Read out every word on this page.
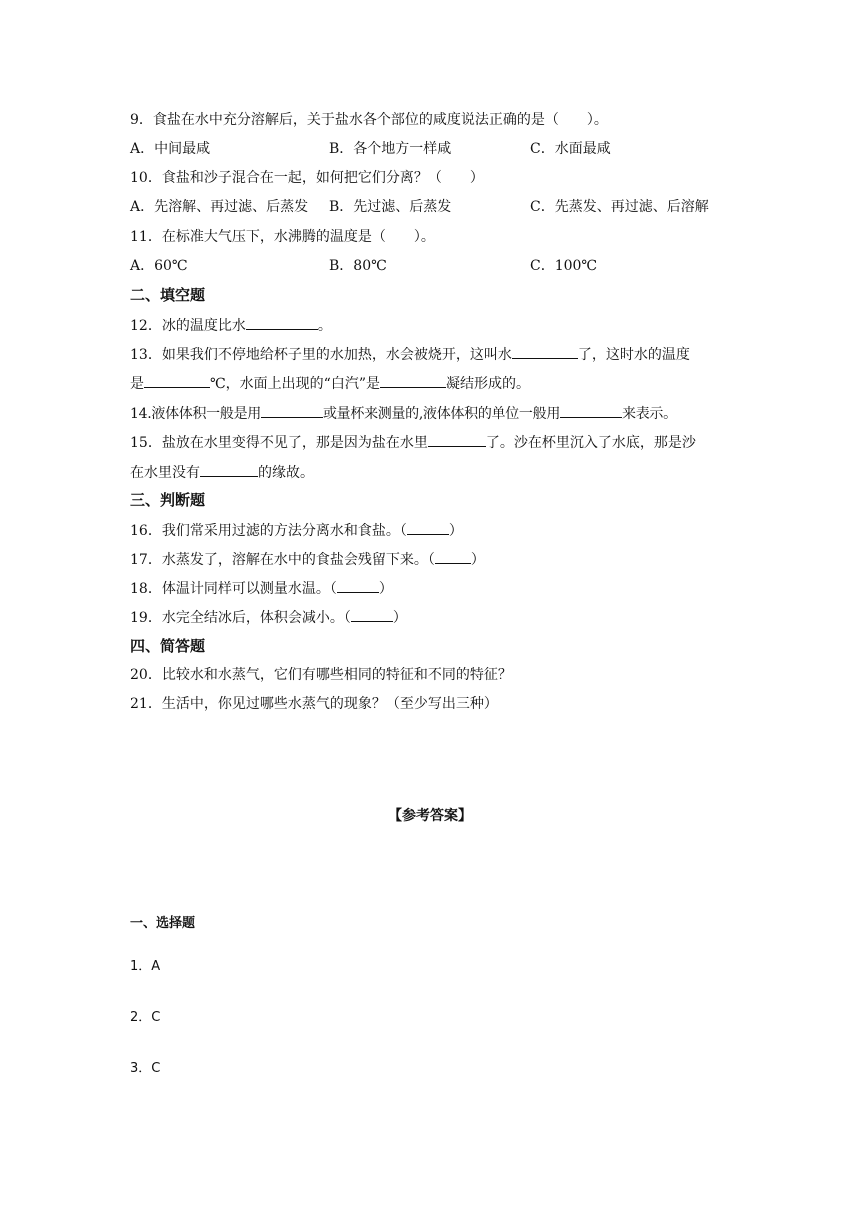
9．食盐在水中充分溶解后，关于盐水各个部位的咸度说法正确的是（　　）。
A．中间最咸	B．各个地方一样咸	C．水面最咸
10．食盐和沙子混合在一起，如何把它们分离？（　　）
A．先溶解、再过滤、后蒸发 B．先过滤、后蒸发	C．先蒸发、再过滤、后溶解
11．在标准大气压下，水沸腾的温度是（　　）。
A．60℃	B．80℃	C．100℃
二、填空题
12．冰的温度比水	。
13．如果我们不停地给杯子里的水加热，水会被烧开，这叫水	了，这时水的温度
是	℃，水面上出现的“白汽”是	凝结形成的。
14.液体体积一般是用	或量杯来测量的,液体体积的单位一般用	来表示。
15．盐放在水里变得不见了，那是因为盐在水里	了。沙在杯里沉入了水底，那是沙
在水里没有	的缘故。
三、判断题
16．我们常采用过滤的方法分离水和食盐。（	）
17．水蒸发了，溶解在水中的食盐会残留下来。（	）
18．体温计同样可以测量水温。（	）
19．水完全结冰后，体积会减小。（	）
四、简答题
20．比较水和水蒸气，它们有哪些相同的特征和不同的特征？
21．生活中，你见过哪些水蒸气的现象？（至少写出三种）
【参考答案】
一、选择题
1．A
2．C
3．C
